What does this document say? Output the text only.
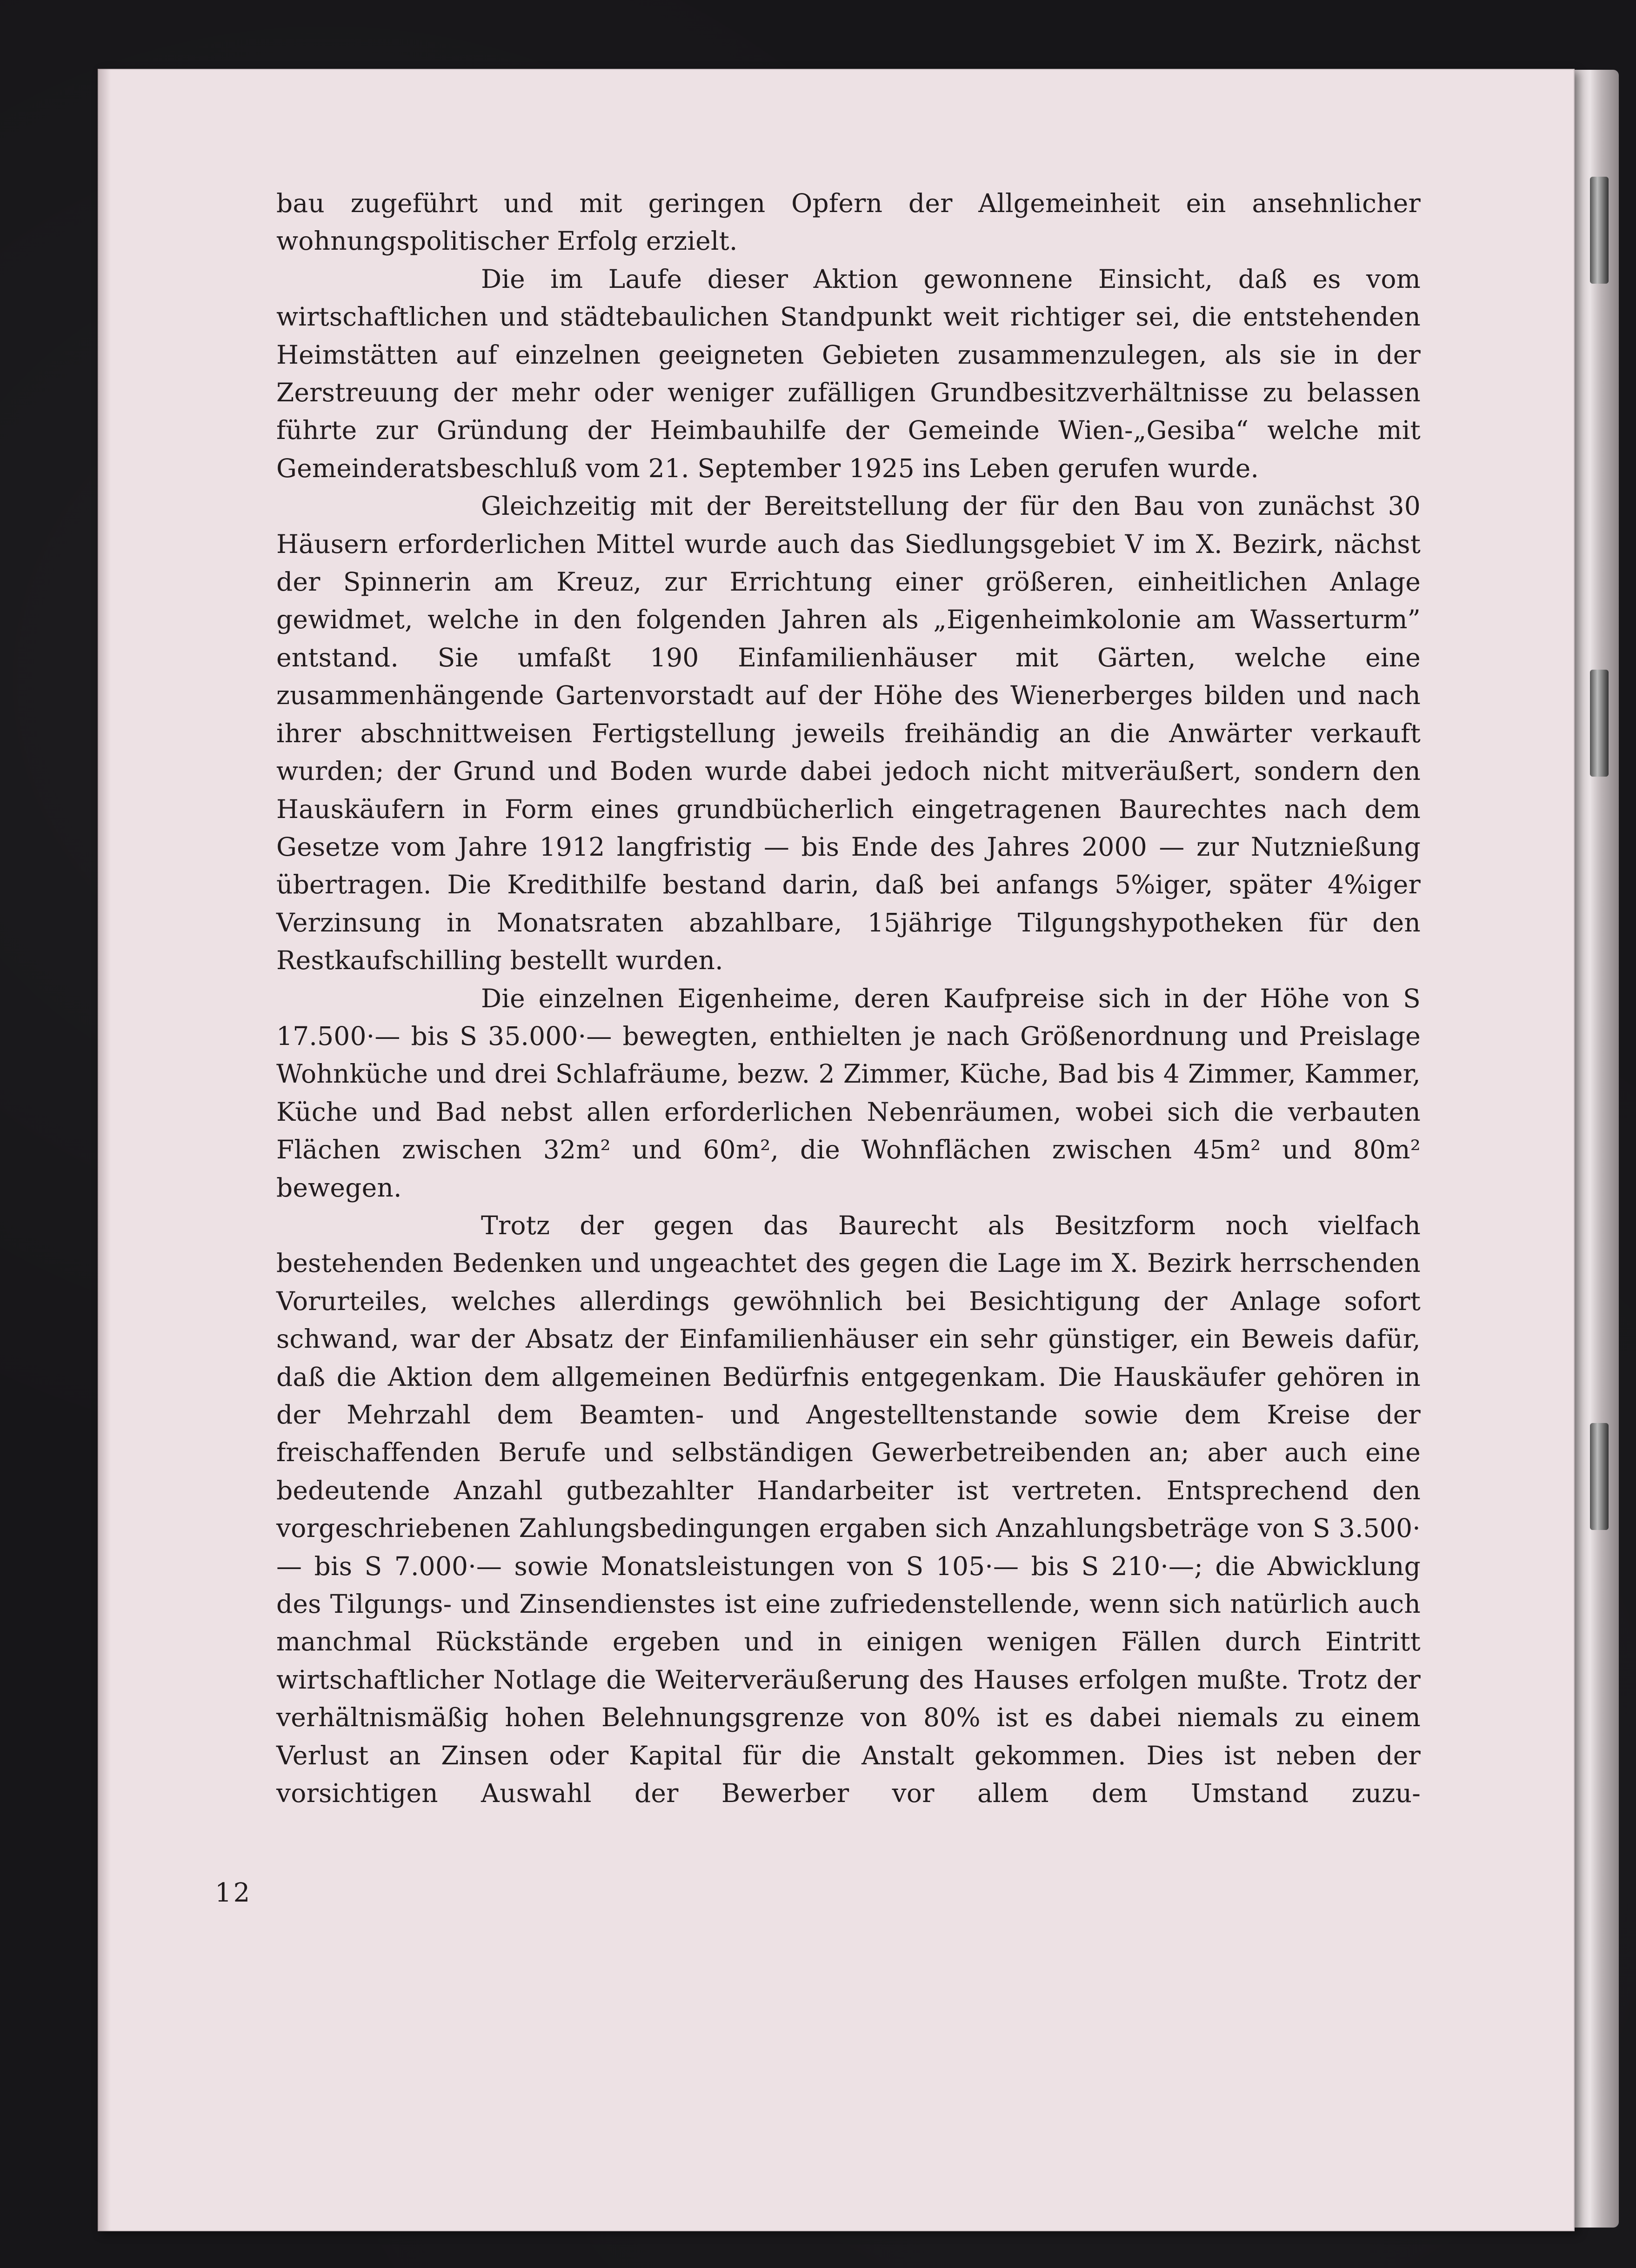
bau zugeführt und mit geringen Opfern der Allgemeinheit ein ansehnlicher wohnungspolitischer Erfolg erzielt.

Die im Laufe dieser Aktion gewonnene Einsicht, daß es vom wirtschaftlichen und städtebaulichen Standpunkt weit richtiger sei, die entstehenden Heimstätten auf einzelnen geeigneten Gebieten zusammenzulegen, als sie in der Zerstreuung der mehr oder weniger zufälligen Grundbesitzverhältnisse zu belassen führte zur Gründung der Heimbauhilfe der Gemeinde Wien-„Gesiba“ welche mit Gemeinderatsbeschluß vom 21. September 1925 ins Leben gerufen wurde.

Gleichzeitig mit der Bereitstellung der für den Bau von zunächst 30 Häusern erforderlichen Mittel wurde auch das Siedlungsgebiet V im X. Bezirk, nächst der Spinnerin am Kreuz, zur Errichtung einer größeren, einheitlichen Anlage gewidmet, welche in den folgenden Jahren als „Eigenheimkolonie am Wasserturm” entstand. Sie umfaßt 190 Einfamilienhäuser mit Gärten, welche eine zusammenhängende Gartenvorstadt auf der Höhe des Wienerberges bilden und nach ihrer abschnittweisen Fertigstellung jeweils freihändig an die Anwärter verkauft wurden; der Grund und Boden wurde dabei jedoch nicht mitveräußert, sondern den Hauskäufern in Form eines grundbücherlich eingetragenen Baurechtes nach dem Gesetze vom Jahre 1912 langfristig — bis Ende des Jahres 2000 — zur Nutznießung übertragen. Die Kredithilfe bestand darin, daß bei anfangs 5%iger, später 4%iger Verzinsung in Monatsraten abzahlbare, 15jährige Tilgungshypotheken für den Restkaufschilling bestellt wurden.

Die einzelnen Eigenheime, deren Kaufpreise sich in der Höhe von S 17.500·— bis S 35.000·— bewegten, enthielten je nach Größenordnung und Preislage Wohnküche und drei Schlafräume, bezw. 2 Zimmer, Küche, Bad bis 4 Zimmer, Kammer, Küche und Bad nebst allen erforderlichen Nebenräumen, wobei sich die verbauten Flächen zwischen 32m² und 60m², die Wohnflächen zwischen 45m² und 80m² bewegen.

Trotz der gegen das Baurecht als Besitzform noch vielfach bestehenden Bedenken und ungeachtet des gegen die Lage im X. Bezirk herrschenden Vorurteiles, welches allerdings gewöhnlich bei Besichtigung der Anlage sofort schwand, war der Absatz der Einfamilienhäuser ein sehr günstiger, ein Beweis dafür, daß die Aktion dem allgemeinen Bedürfnis entgegenkam. Die Hauskäufer gehören in der Mehrzahl dem Beamten- und Angestelltenstande sowie dem Kreise der freischaffenden Berufe und selbständigen Gewerbetreibenden an; aber auch eine bedeutende Anzahl gutbezahlter Handarbeiter ist vertreten. Entsprechend den vorgeschriebenen Zahlungsbedingungen ergaben sich Anzahlungsbeträge von S 3.500·— bis S 7.000·— sowie Monatsleistungen von S 105·— bis S 210·—; die Abwicklung des Tilgungs- und Zinsendienstes ist eine zufriedenstellende, wenn sich natürlich auch manchmal Rückstände ergeben und in einigen wenigen Fällen durch Eintritt wirtschaftlicher Notlage die Weiterveräußerung des Hauses erfolgen mußte. Trotz der verhältnismäßig hohen Belehnungsgrenze von 80% ist es dabei niemals zu einem Verlust an Zinsen oder Kapital für die Anstalt gekommen. Dies ist neben der vorsichtigen Auswahl der Bewerber vor allem dem Umstand zuzu-

12
